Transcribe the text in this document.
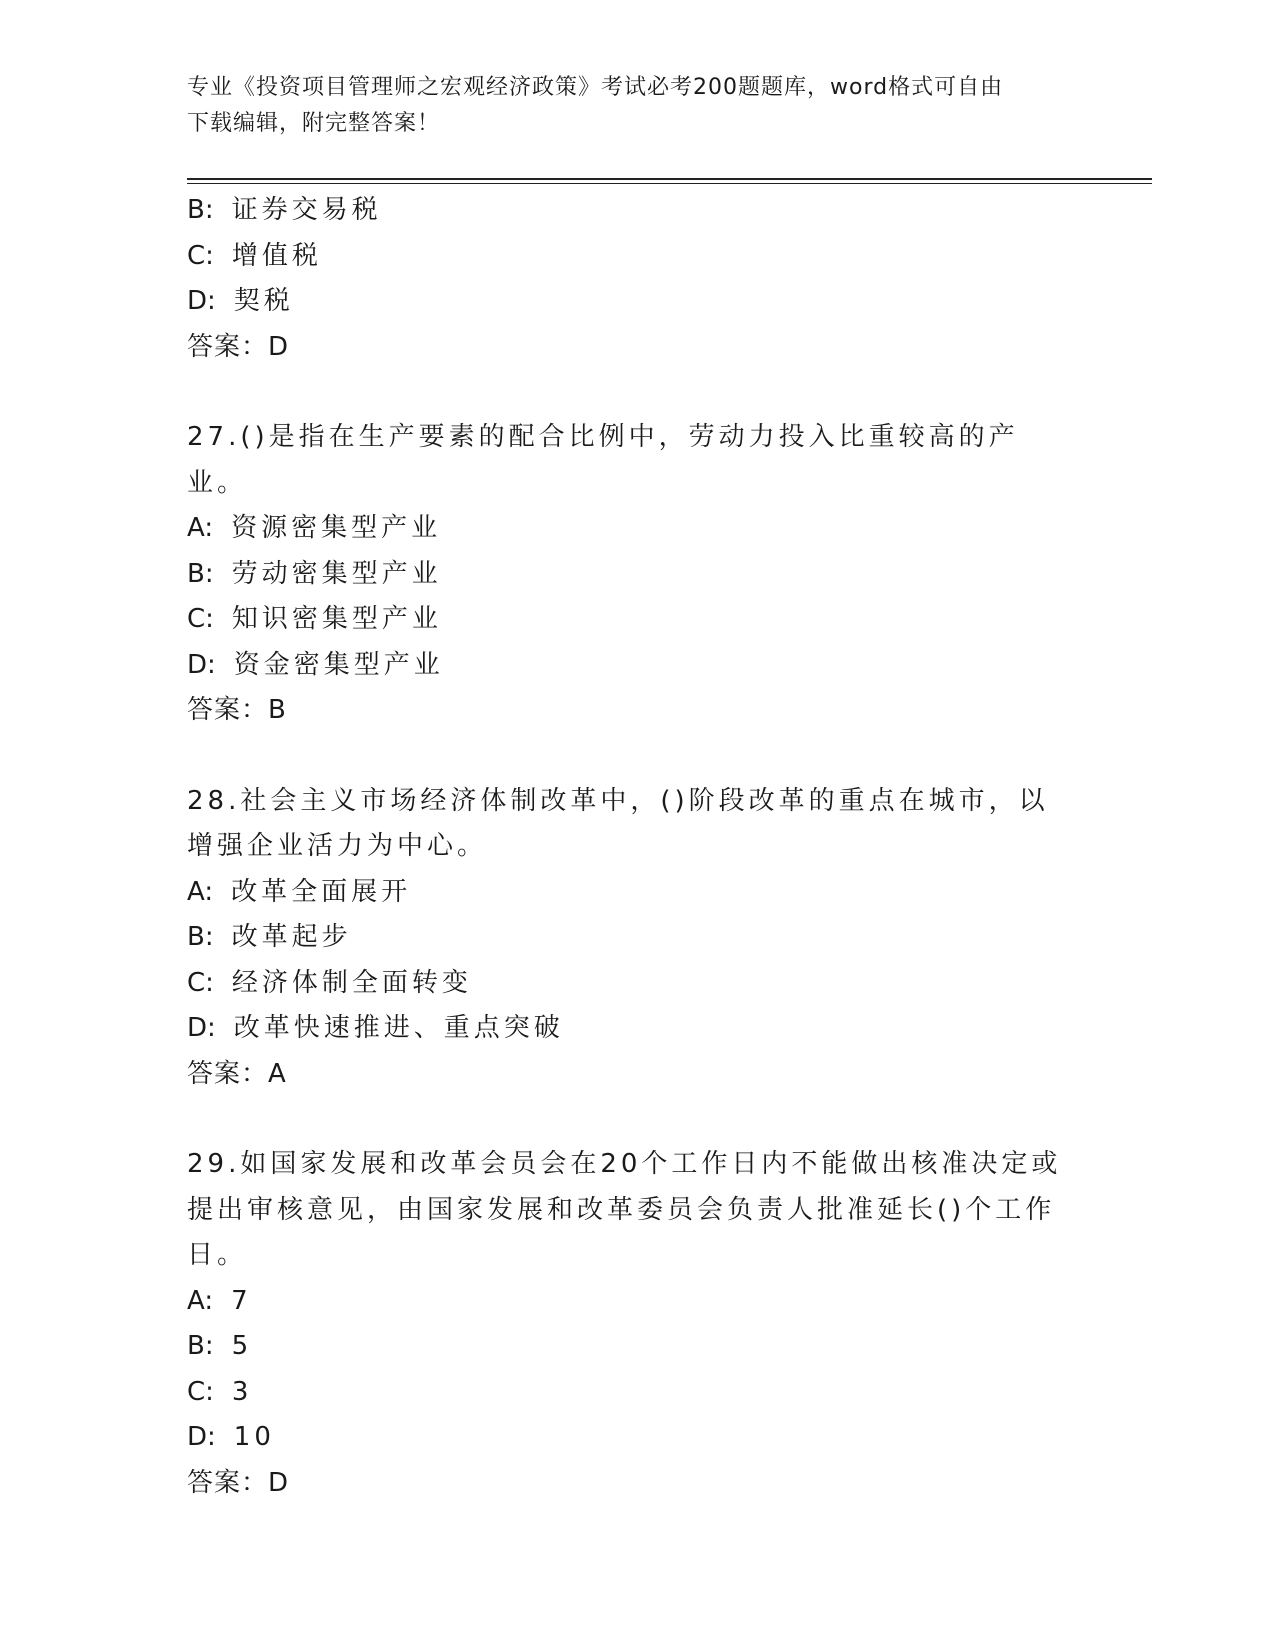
专业《投资项目管理师之宏观经济政策》考试必考200题题库，word格式可自由
下载编辑，附完整答案！
B: 证券交易税
C: 增值税
D: 契税
答案：D
27.()是指在生产要素的配合比例中，劳动力投入比重较高的产业。
A: 资源密集型产业
B: 劳动密集型产业
C: 知识密集型产业
D: 资金密集型产业
答案：B
28.社会主义市场经济体制改革中，()阶段改革的重点在城市，以增强企业活力为中心。
A: 改革全面展开
B: 改革起步
C: 经济体制全面转变
D: 改革快速推进、重点突破
答案：A
29.如国家发展和改革会员会在20个工作日内不能做出核准决定或提出审核意见，由国家发展和改革委员会负责人批准延长()个工作日。
A: 7
B: 5
C: 3
D: 10
答案：D
